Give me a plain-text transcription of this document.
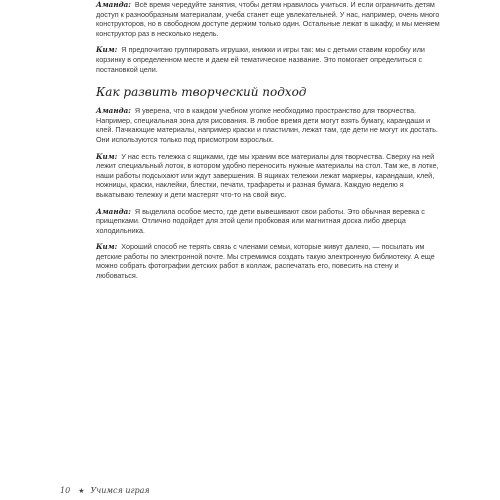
Аманда: Всё время чередуйте занятия, чтобы детям нравилось учиться. И если ограничить детям доступ к разнообразным материалам, учеба станет еще увлекательней. У нас, например, очень много конструкторов, но в свободном доступе держим только один. Остальные лежат в шкафу, и мы меняем конструктор раз в несколько недель.

Ким: Я предпочитаю группировать игрушки, книжки и игры так: мы с детьми ставим коробку или корзинку в определенном месте и даем ей тематическое название. Это помогает определиться с постановкой цели.

Как развить творческий подход

Аманда: Я уверена, что в каждом учебном уголке необходимо пространство для творчества. Например, специальная зона для рисования. В любое время дети могут взять бумагу, карандаши и клей. Пачкающие материалы, например краски и пластилин, лежат там, где дети не могут их достать. Они используются только под присмотром взрослых.

Ким: У нас есть тележка с ящиками, где мы храним все материалы для творчества. Сверху на ней лежит специальный лоток, в котором удобно переносить нужные материалы на стол. Там же, в лотке, наши работы подсыхают или ждут завершения. В ящиках тележки лежат маркеры, карандаши, клей, ножницы, краски, наклейки, блестки, печати, трафареты и разная бумага. Каждую неделю я выкатываю тележку и дети мастерят что-то на свой вкус.

Аманда: Я выделила особое место, где дети вывешивают свои работы. Это обычная веревка с прищепками. Отлично подойдет для этой цели пробковая или магнитная доска либо дверца холодильника.

Ким: Хороший способ не терять связь с членами семьи, которые живут далеко, — посылать им детские работы по электронной почте. Мы стремимся создать такую электронную библиотеку. А еще можно собрать фотографии детских работ в коллаж, распечатать его, повесить на стену и любоваться.

10 ★ Учимся играя
